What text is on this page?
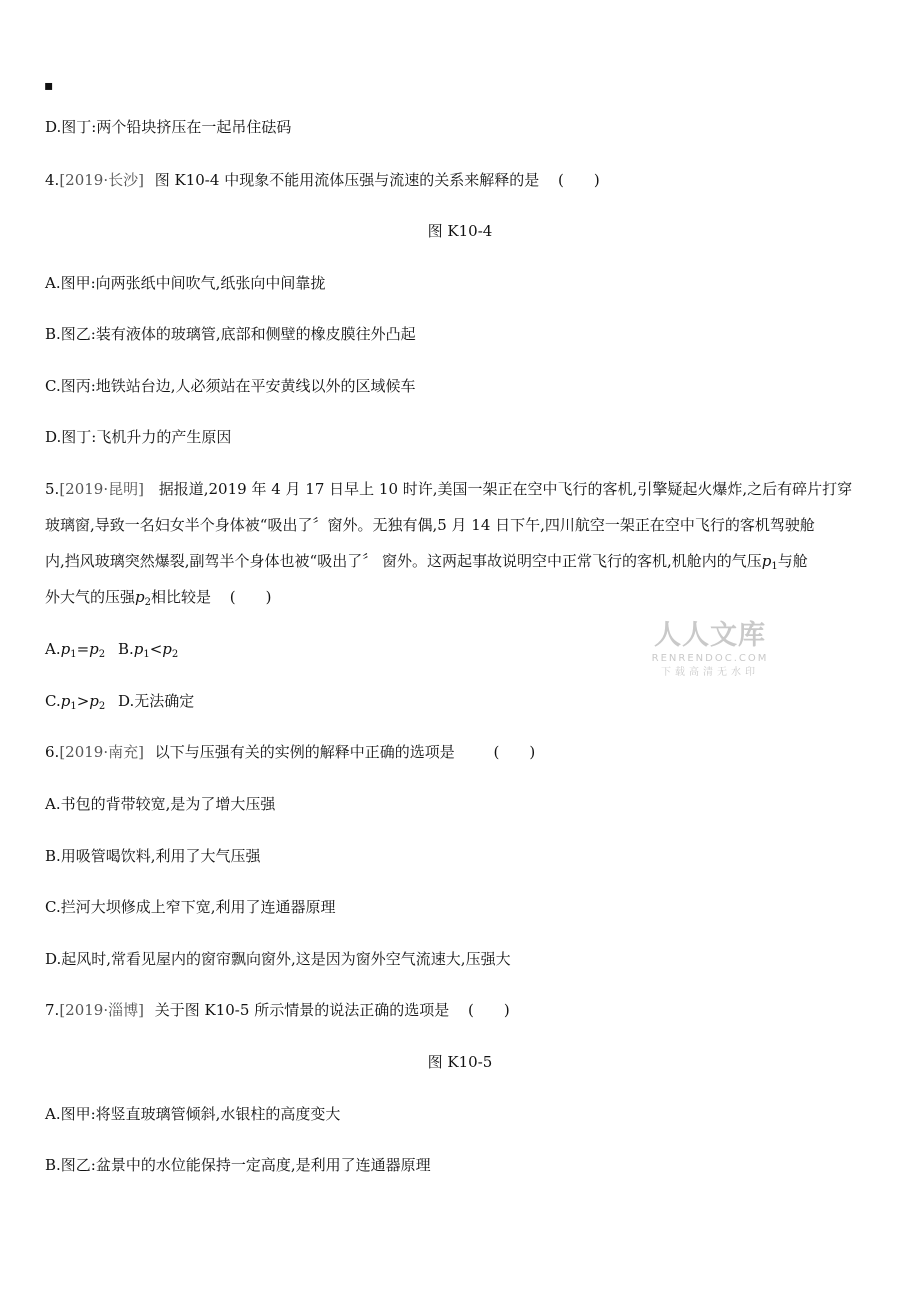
▪
D.图丁:两个铅块挤压在一起吊住砝码
4.[2019·长沙] 图 K10-4 中现象不能用流体压强与流速的关系来解释的是 (　　)
图 K10-4
A.图甲:向两张纸中间吹气,纸张向中间靠拢
B.图乙:装有液体的玻璃管,底部和侧壁的橡皮膜往外凸起
C.图丙:地铁站台边,人必须站在平安黄线以外的区域候车
D.图丁:飞机升力的产生原因
5.[2019·昆明] 据报道,2019 年 4 月 17 日早上 10 时许,美国一架正在空中飞行的客机,引擎疑起火爆炸,之后有碎片打穿
玻璃窗,导致一名妇女半个身体被“吸出了〞窗外。无独有偶,5 月 14 日下午,四川航空一架正在空中飞行的客机驾驶舱
内,挡风玻璃突然爆裂,副驾半个身体也被“吸出了〞 窗外。这两起事故说明空中正常飞行的客机,机舱内的气压$p_1$与舱
外大气的压强$p_2$相比较是 (　　)
$A.p_1=p_2$ $B.p_1<p_2$
$C.p_1>p_2$ D.无法确定
6.[2019·南充] 以下与压强有关的实例的解释中正确的选项是	(　　)
A.书包的背带较宽,是为了增大压强
B.用吸管喝饮料,利用了大气压强
C.拦河大坝修成上窄下宽,利用了连通器原理
D.起风时,常看见屋内的窗帘飘向窗外,这是因为窗外空气流速大,压强大
7.[2019·淄博] 关于图 K10-5 所示情景的说法正确的选项是 (　　)
图 K10-5
A.图甲:将竖直玻璃管倾斜,水银柱的高度变大
B.图乙:盆景中的水位能保持一定高度,是利用了连通器原理
人人文库
RENRENDOC.COM
下载高清无水印
